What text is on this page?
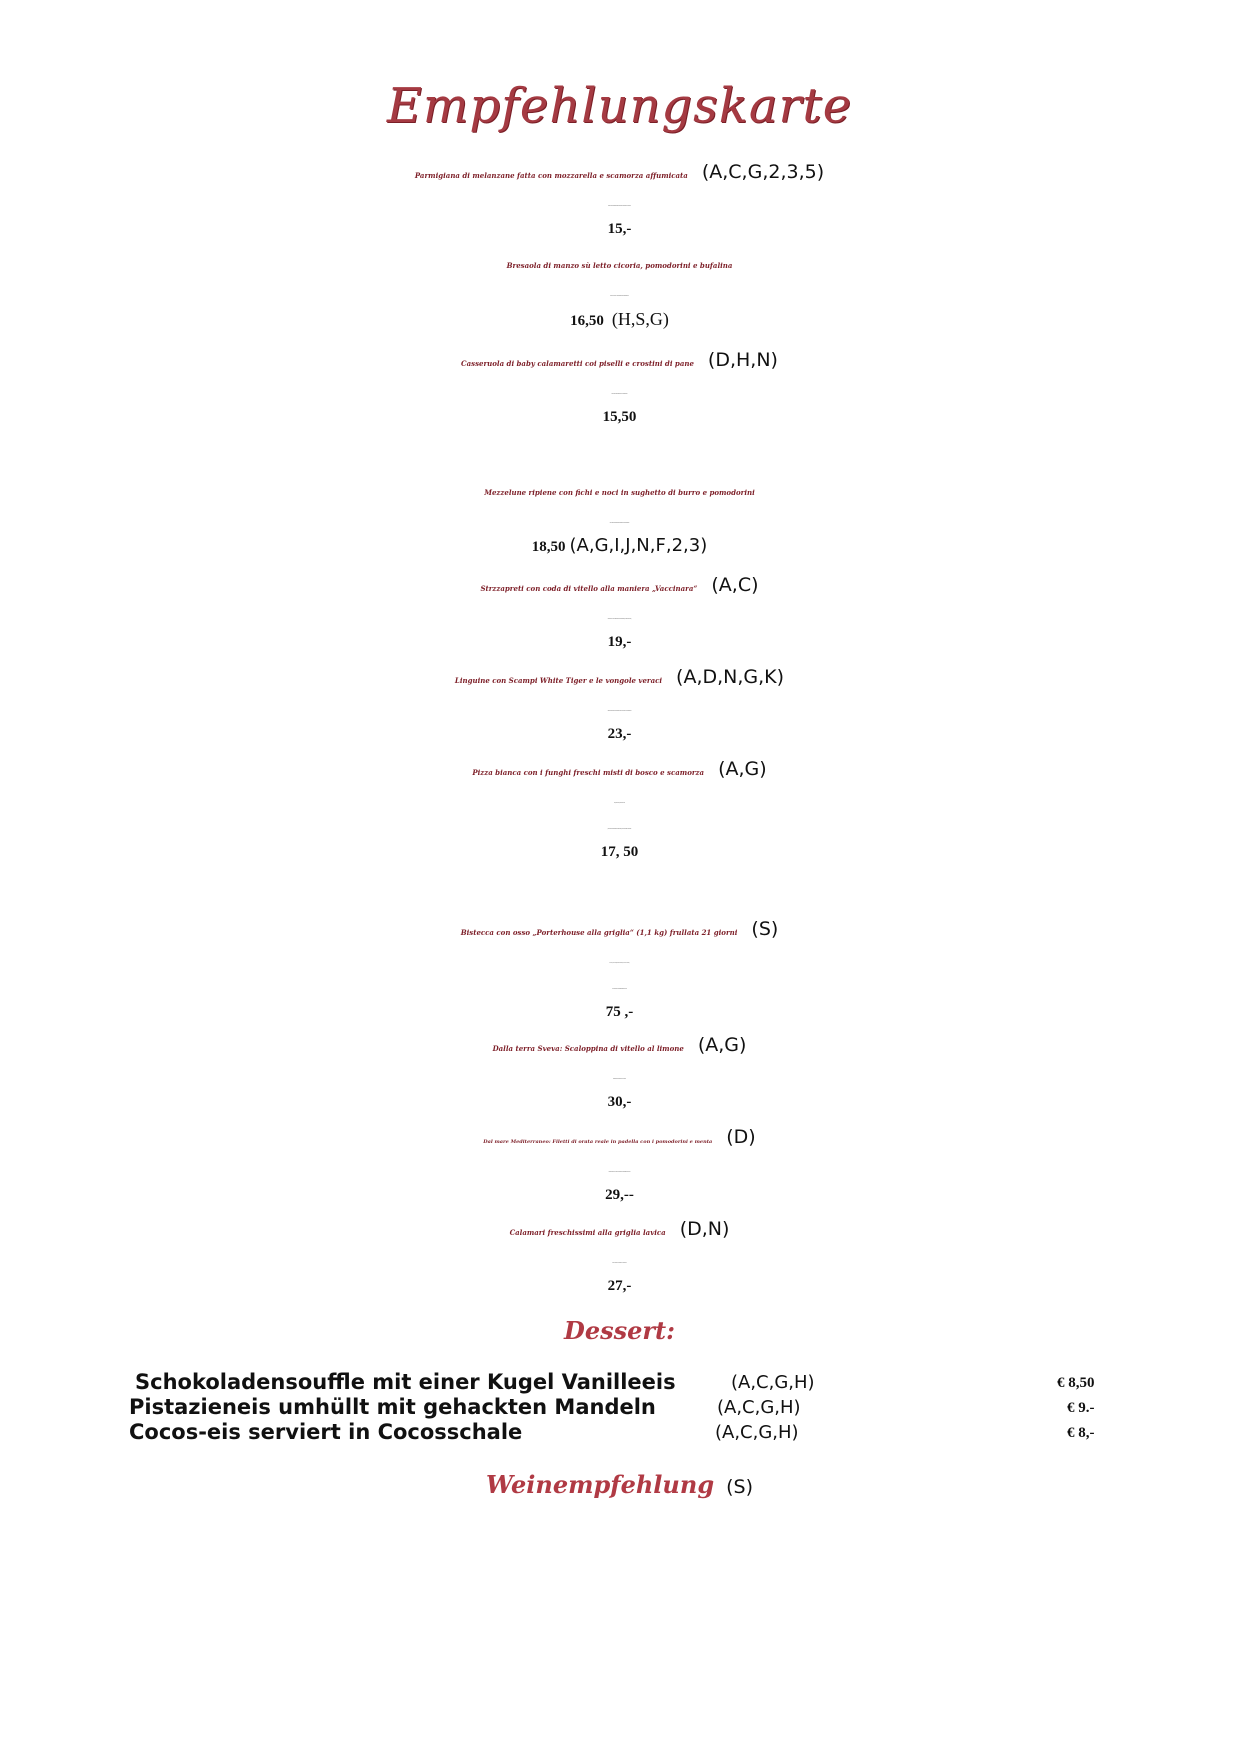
Empfehlungskarte
Parmigiana di melanzane fatta con mozzarella e scamorza affumicata (A,C,G,2,3,5)
15,-
Bresaola di manzo sù letto cicoria, pomodorini e bufalina
16,50 (H,S,G)
Casseruola di baby calamaretti coi piselli e crostini di pane (D,H,N)
15,50
Mezzelune ripiene con fichi e noci in sughetto di burro e pomodorini
18,50 (A,G,I,J,N,F,2,3)
Strzzapreti con coda di vitello alla maniera „Vaccinara“ (A,C)
19,-
Linguine con Scampi White Tiger e le vongole veraci (A,D,N,G,K)
23,-
Pizza bianca con i funghi freschi misti di bosco e scamorza (A,G)
17, 50
Bistecca con osso „Porterhouse alla griglia“ (1,1 kg) frullata 21 giorni (S)
75 ,-
Dalla terra Sveva: Scaloppina di vitello al limone (A,G)
30,-
Dal mare Mediterraneo: Filetti di orata reale in padella con i pomodorini e menta (D)
29,--
Calamari freschissimi alla griglia lavica (D,N)
27,-
Dessert:
Schokoladensouffle mit einer Kugel Vanilleeis	(A,C,G,H)	€ 8,50
Pistazieneis umhüllt mit gehackten Mandeln	(A,C,G,H)	€ 9.-
Cocos-eis serviert in Cocosschale	(A,C,G,H)	€ 8,-
Weinempfehlung (S)
